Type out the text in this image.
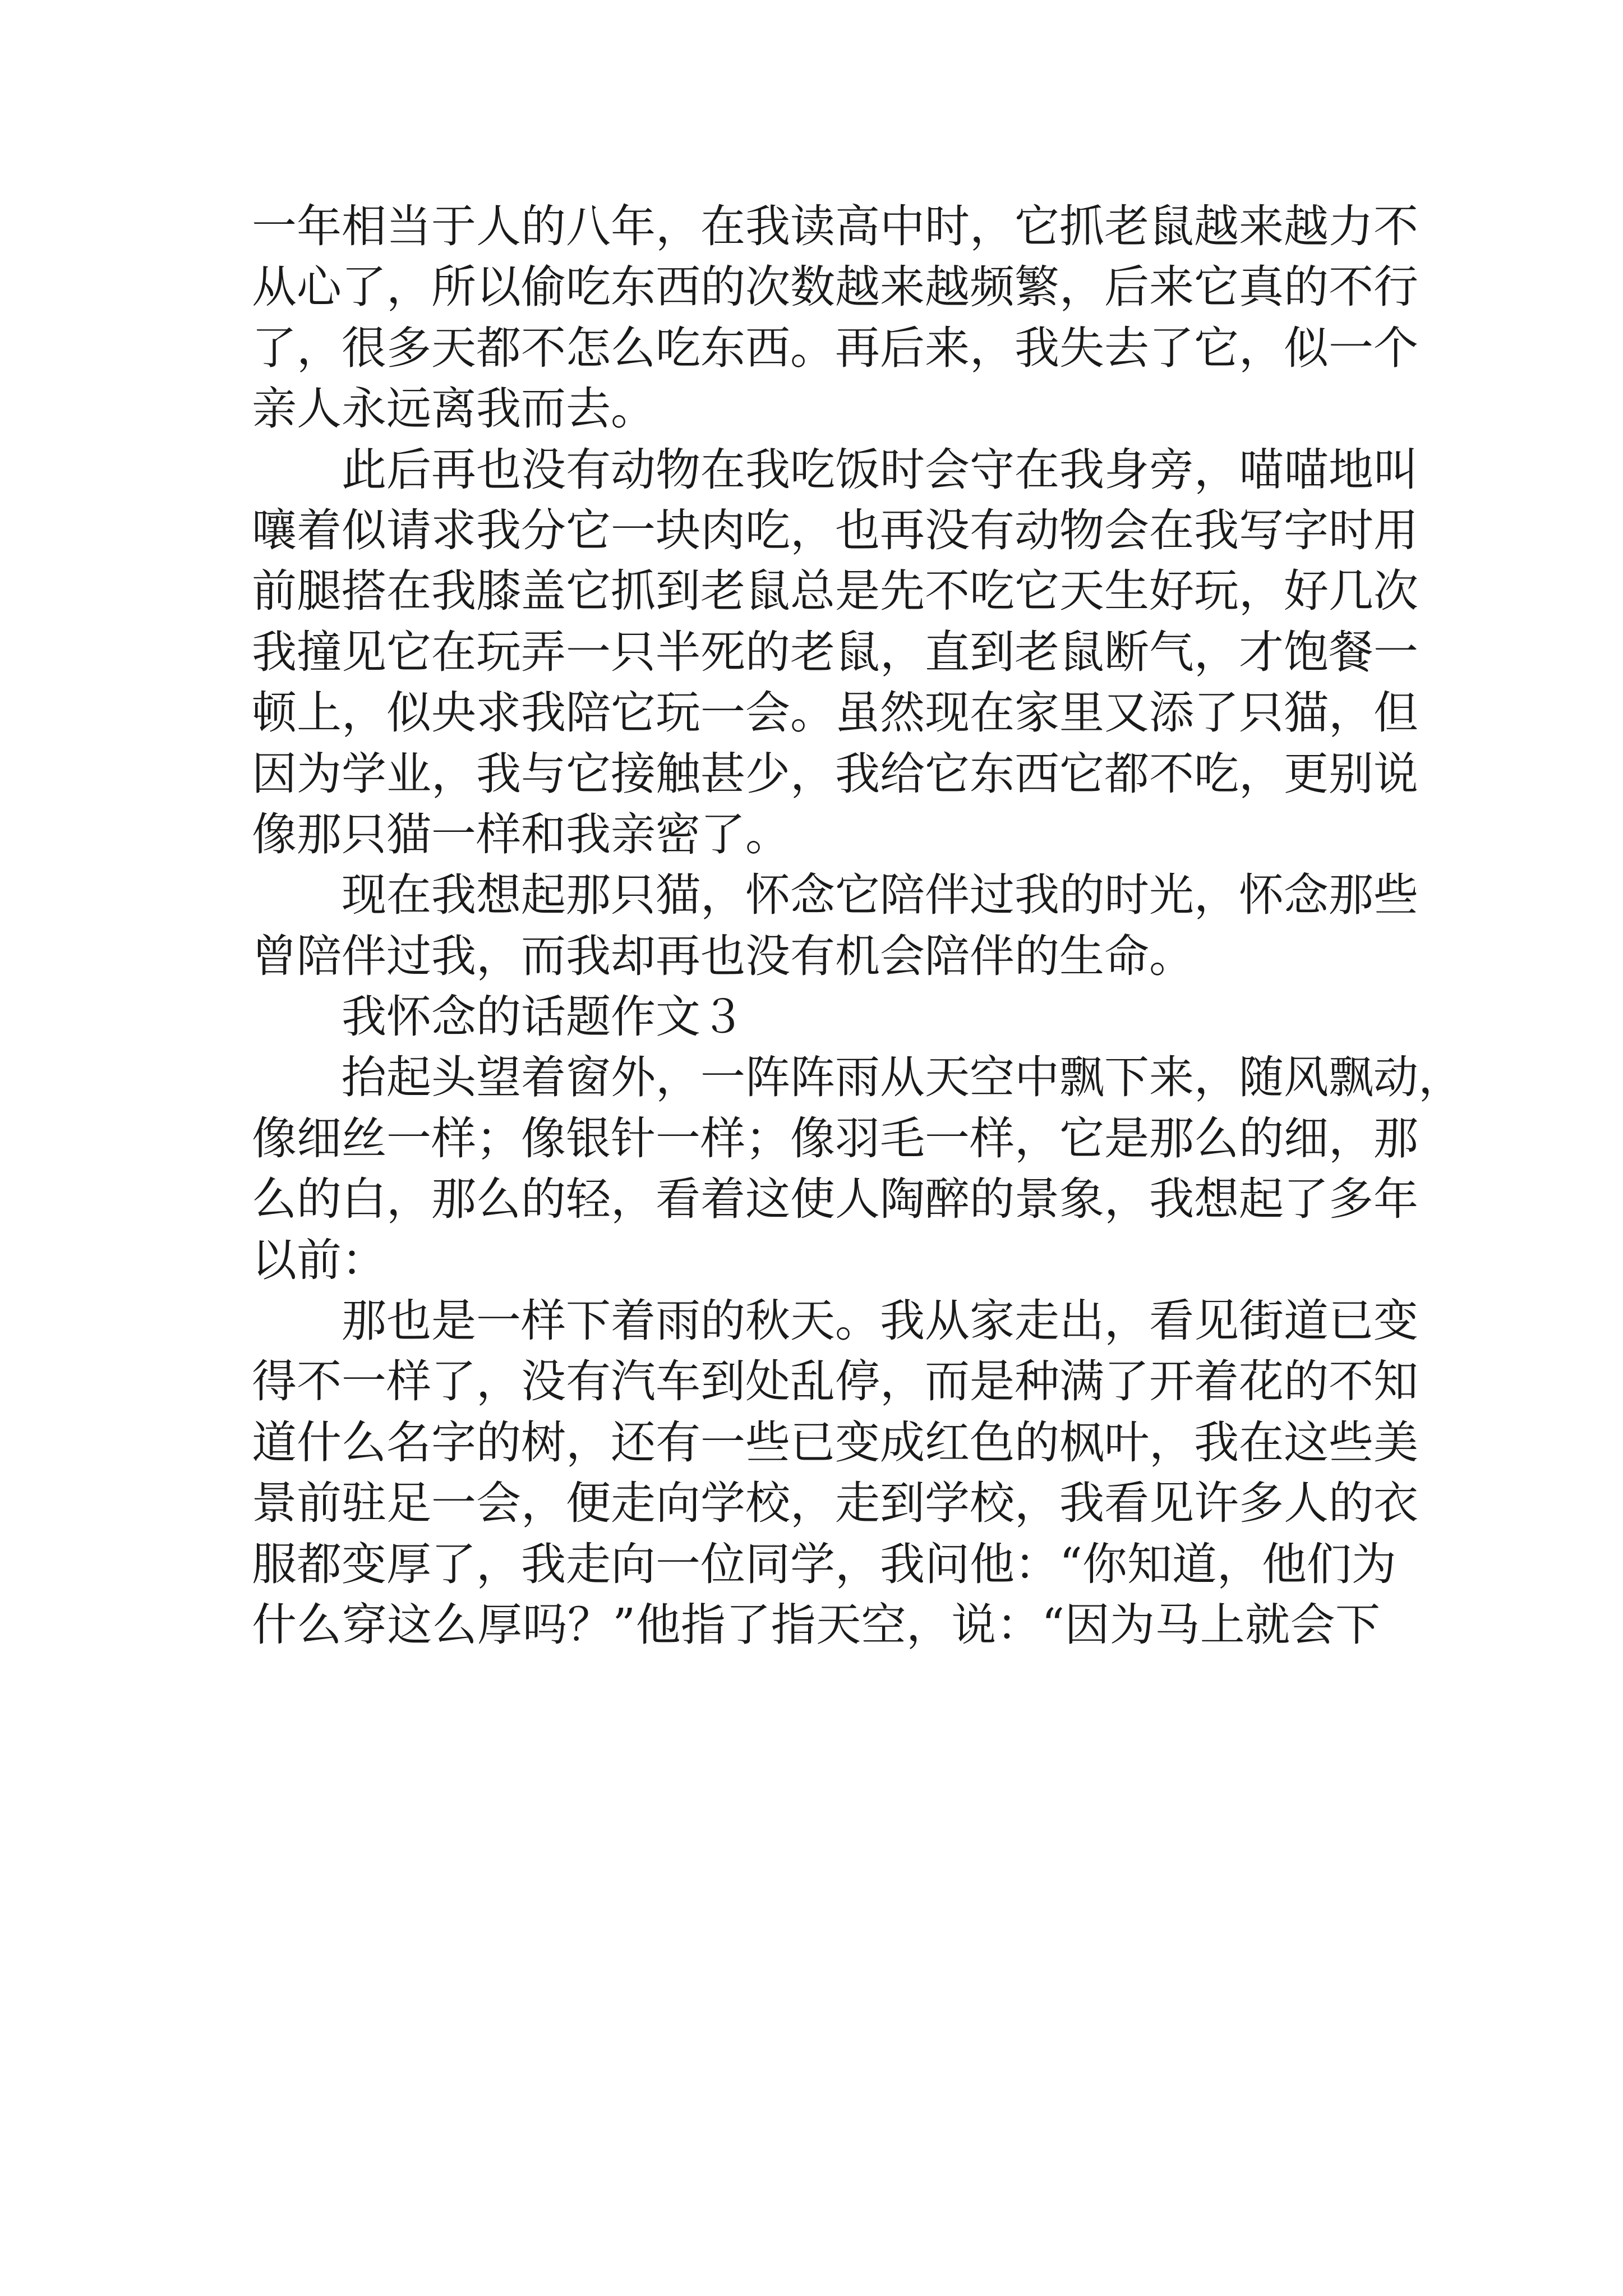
一 年 相 当 于 人 的 八 年 ， 在 我 读 高 中 时 ， 它 抓 老 鼠 越 来 越 力 不
从 心 了 ， 所 以 偷 吃 东 西 的 次 数 越 来 越 频 繁 ， 后 来 它 真 的 不 行
了 ， 很 多 天 都 不 怎 么 吃 东 西 。 再 后 来 ， 我 失 去 了 它 ， 似 一 个
亲 人 永 远 离 我 而 去 。
此 后 再 也 没 有 动 物 在 我 吃 饭 时 会 守 在 我 身 旁 ， 喵 喵 地 叫
嚷 着 似 请 求 我 分 它 一 块 肉 吃 ， 也 再 没 有 动 物 会 在 我 写 字 时 用
前 腿 搭 在 我 膝 盖 它 抓 到 老 鼠 总 是 先 不 吃 它 天 生 好 玩 ， 好 几 次
我 撞 见 它 在 玩 弄 一 只 半 死 的 老 鼠 ， 直 到 老 鼠 断 气 ， 才 饱 餐 一
顿 上 ， 似 央 求 我 陪 它 玩 一 会 。 虽 然 现 在 家 里 又 添 了 只 猫 ， 但
因 为 学 业 ， 我 与 它 接 触 甚 少 ， 我 给 它 东 西 它 都 不 吃 ， 更 别 说
像 那 只 猫 一 样 和 我 亲 密 了 。
现 在 我 想 起 那 只 猫 ， 怀 念 它 陪 伴 过 我 的 时 光 ， 怀 念 那 些
曾 陪 伴 过 我 ， 而 我 却 再 也 没 有 机 会 陪 伴 的 生 命 。
我 怀 念 的 话 题 作 文 ３
抬 起 头 望 着 窗 外 ， 一 阵 阵 雨 从 天 空 中 飘 下 来 ， 随 风 飘 动 ，
像 细 丝 一 样 ； 像 银 针 一 样 ； 像 羽 毛 一 样 ， 它 是 那 么 的 细 ， 那
么 的 白 ， 那 么 的 轻 ， 看 着 这 使 人 陶 醉 的 景 象 ， 我 想 起 了 多 年
以 前 ：
那 也 是 一 样 下 着 雨 的 秋 天 。 我 从 家 走 出 ， 看 见 街 道 已 变
得 不 一 样 了 ， 没 有 汽 车 到 处 乱 停 ， 而 是 种 满 了 开 着 花 的 不 知
道 什 么 名 字 的 树 ， 还 有 一 些 已 变 成 红 色 的 枫 叶 ， 我 在 这 些 美
景 前 驻 足 一 会 ， 便 走 向 学 校 ， 走 到 学 校 ， 我 看 见 许 多 人 的 衣
服 都 变 厚 了 ， 我 走 向 一 位 同 学 ， 我 问 他 ： “ 你 知 道 ， 他 们 为
什 么 穿 这 么 厚 吗 ？ ” 他 指 了 指 天 空 ， 说 ： “ 因 为 马 上 就 会 下
